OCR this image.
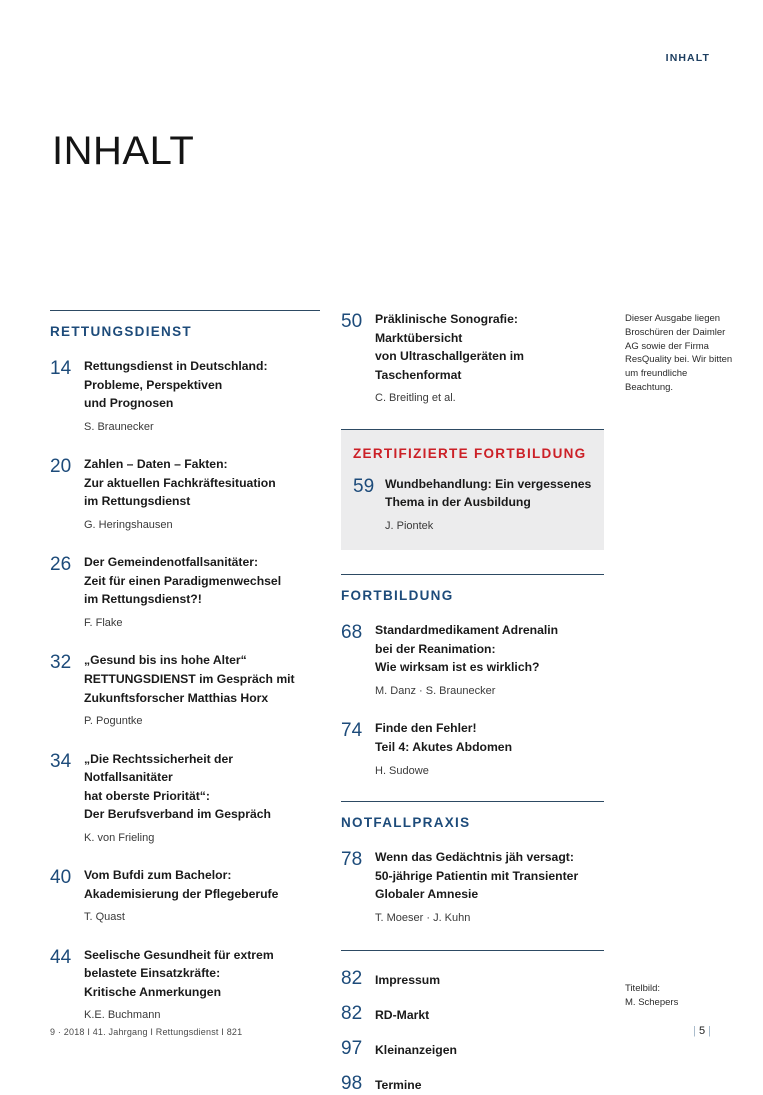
INHALT
INHALT
RETTUNGSDIENST
14	Rettungsdienst in Deutschland:
Probleme, Perspektiven
und Prognosen

S. Braunecker

20	Zahlen – Daten – Fakten:
Zur aktuellen Fachkräftesituation
im Rettungsdienst

G. Heringshausen

26	Der Gemeindenotfallsanitäter:
Zeit für einen Paradigmenwechsel
im Rettungsdienst?!

F. Flake

32	„Gesund bis ins hohe Alter“
RETTUNGSDIENST im Gespräch mit
Zukunftsforscher Matthias Horx

P. Poguntke

34	„Die Rechtssicherheit der Notfallsanitäter
hat oberste Priorität“:
Der Berufsverband im Gespräch

K. von Frieling

40	Vom Bufdi zum Bachelor:
Akademisierung der Pflegeberufe

T. Quast

44	Seelische Gesundheit für extrem
belastete Einsatzkräfte:
Kritische Anmerkungen

K.E. Buchmann

50	Präklinische Sonografie: Marktübersicht
von Ultraschallgeräten im Taschenformat

C. Breitling et al.

ZERTIFIZIERTE FORTBILDUNG
59 Wundbehandlung: Ein vergessenes
Thema in der Ausbildung

J. Piontek

FORTBILDUNG
68	Standardmedikament Adrenalin
bei der Reanimation:
Wie wirksam ist es wirklich?

M. Danz · S. Braunecker

74	Finde den Fehler!
Teil 4: Akutes Abdomen

H. Sudowe

NOTFALLPRAXIS
78	Wenn das Gedächtnis jäh versagt:
50-jährige Patientin mit Transienter
Globaler Amnesie

T. Moeser · J. Kuhn

82	Impressum
82	RD-Markt
97	Kleinanzeigen
98	Termine
Dieser Ausgabe liegen Broschüren der Daimler AG sowie der Firma ResQuality bei. Wir bitten um freundliche Beachtung.
Titelbild:
M. Schepers
9 · 2018 I 41. Jahrgang I Rettungsdienst I 821	| 5 |
